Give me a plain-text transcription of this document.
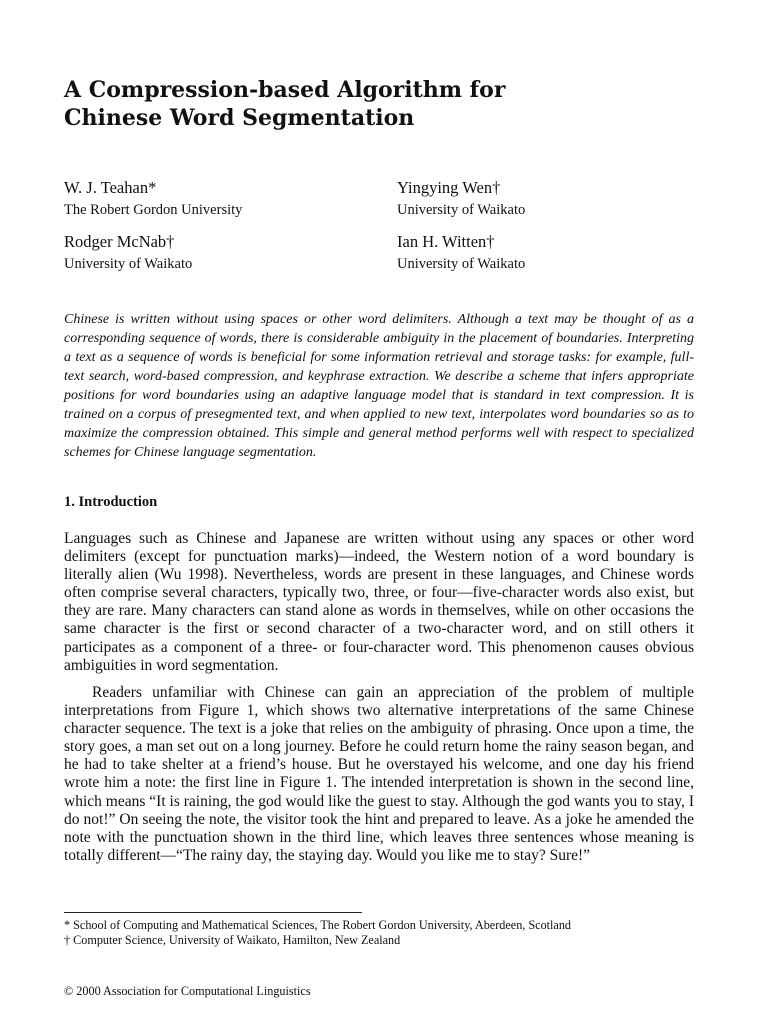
A Compression-based Algorithm for
Chinese Word Segmentation
W. J. Teahan*
The Robert Gordon University
Yingying Wen†
University of Waikato
Rodger McNab†
University of Waikato
Ian H. Witten†
University of Waikato

Chinese is written without using spaces or other word delimiters. Although a text may be thought of as a corresponding sequence of words, there is considerable ambiguity in the placement of boundaries. Interpreting a text as a sequence of words is beneficial for some information retrieval and storage tasks: for example, full-text search, word-based compression, and keyphrase extraction. We describe a scheme that infers appropriate positions for word boundaries using an adaptive language model that is standard in text compression. It is trained on a corpus of presegmented text, and when applied to new text, interpolates word boundaries so as to maximize the compression obtained. This simple and general method performs well with respect to specialized schemes for Chinese language segmentation.

1. Introduction

Languages such as Chinese and Japanese are written without using any spaces or other word delimiters (except for punctuation marks)—indeed, the Western notion of a word boundary is literally alien (Wu 1998). Nevertheless, words are present in these languages, and Chinese words often comprise several characters, typically two, three, or four—five-character words also exist, but they are rare. Many characters can stand alone as words in themselves, while on other occasions the same character is the first or second character of a two-character word, and on still others it participates as a component of a three- or four-character word. This phenomenon causes obvious ambiguities in word segmentation.

Readers unfamiliar with Chinese can gain an appreciation of the problem of multiple interpretations from Figure 1, which shows two alternative interpretations of the same Chinese character sequence. The text is a joke that relies on the ambiguity of phrasing. Once upon a time, the story goes, a man set out on a long journey. Before he could return home the rainy season began, and he had to take shelter at a friend’s house. But he overstayed his welcome, and one day his friend wrote him a note: the first line in Figure 1. The intended interpretation is shown in the second line, which means “It is raining, the god would like the guest to stay. Although the god wants you to stay, I do not!” On seeing the note, the visitor took the hint and prepared to leave. As a joke he amended the note with the punctuation shown in the third line, which leaves three sentences whose meaning is totally different—“The rainy day, the staying day. Would you like me to stay? Sure!”

* School of Computing and Mathematical Sciences, The Robert Gordon University, Aberdeen, Scotland
† Computer Science, University of Waikato, Hamilton, New Zealand
© 2000 Association for Computational Linguistics
